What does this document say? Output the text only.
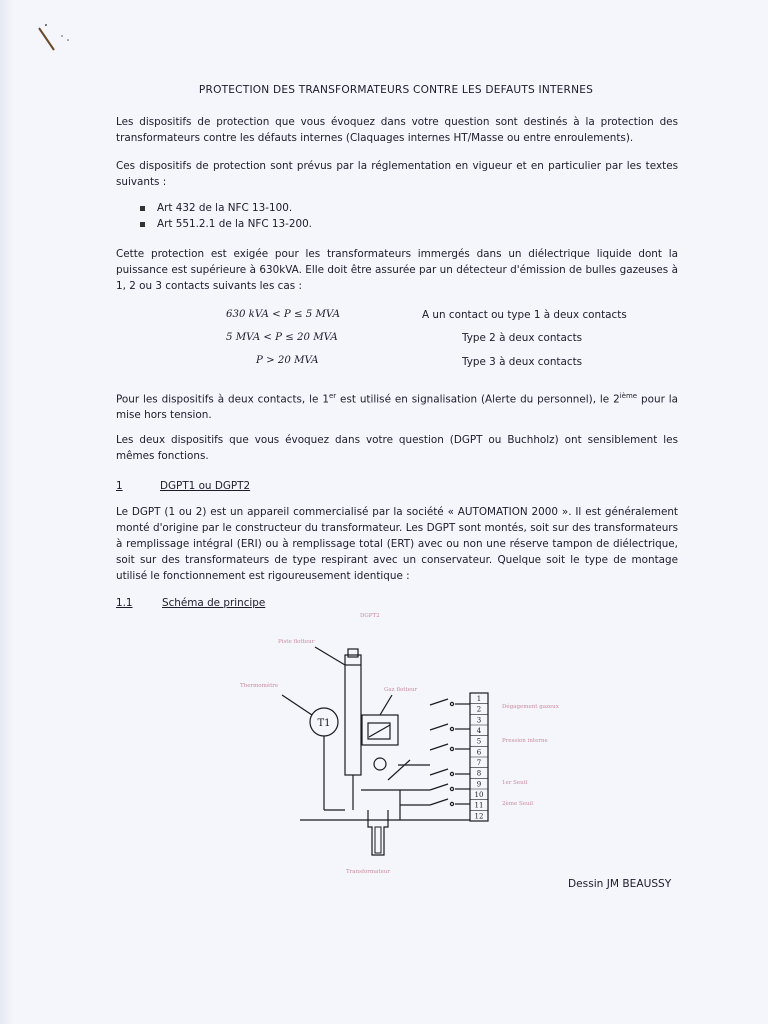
PROTECTION DES TRANSFORMATEURS CONTRE LES DEFAUTS INTERNES
Les dispositifs de protection que vous évoquez dans votre question sont destinés à la protection des transformateurs contre les défauts internes (Claquages internes HT/Masse ou entre enroulements).
Ces dispositifs de protection sont prévus par la réglementation en vigueur et en particulier par les textes suivants :
Art 432 de la NFC 13-100.
Art 551.2.1 de la NFC 13-200.
Cette protection est exigée pour les transformateurs immergés dans un diélectrique liquide dont la puissance est supérieure à 630kVA. Elle doit être assurée par un détecteur d'émission de bulles gazeuses à 1, 2 ou 3 contacts suivants les cas :
630 kVA < P ≤ 5 MVA	A un contact ou type 1 à deux contacts
5 MVA < P ≤ 20 MVA	Type 2 à deux contacts
P > 20 MVA	Type 3 à deux contacts
Pour les dispositifs à deux contacts, le 1er est utilisé en signalisation (Alerte du personnel), le 2ième pour la mise hors tension.
Les deux dispositifs que vous évoquez dans votre question (DGPT ou Buchholz) ont sensiblement les mêmes fonctions.
1	DGPT1 ou DGPT2
Le DGPT (1 ou 2) est un appareil commercialisé par la société « AUTOMATION 2000 ». Il est généralement monté d'origine par le constructeur du transformateur. Les DGPT sont montés, soit sur des transformateurs à remplissage intégral (ERI) ou à remplissage total (ERT) avec ou non une réserve tampon de diélectrique, soit sur des transformateurs de type respirant avec un conservateur. Quelque soit le type de montage utilisé le fonctionnement est rigoureusement identique :
1.1	Schéma de principe
1
2
3
4
5
6
7
8
9
10
11
12
T1
DGPT2
Piste flotteur
Thermomètre
Gaz flotteur
Dégagement gazeux
Pression interne
1er Seuil
2ème Seuil
Transformateur
Dessin JM BEAUSSY
